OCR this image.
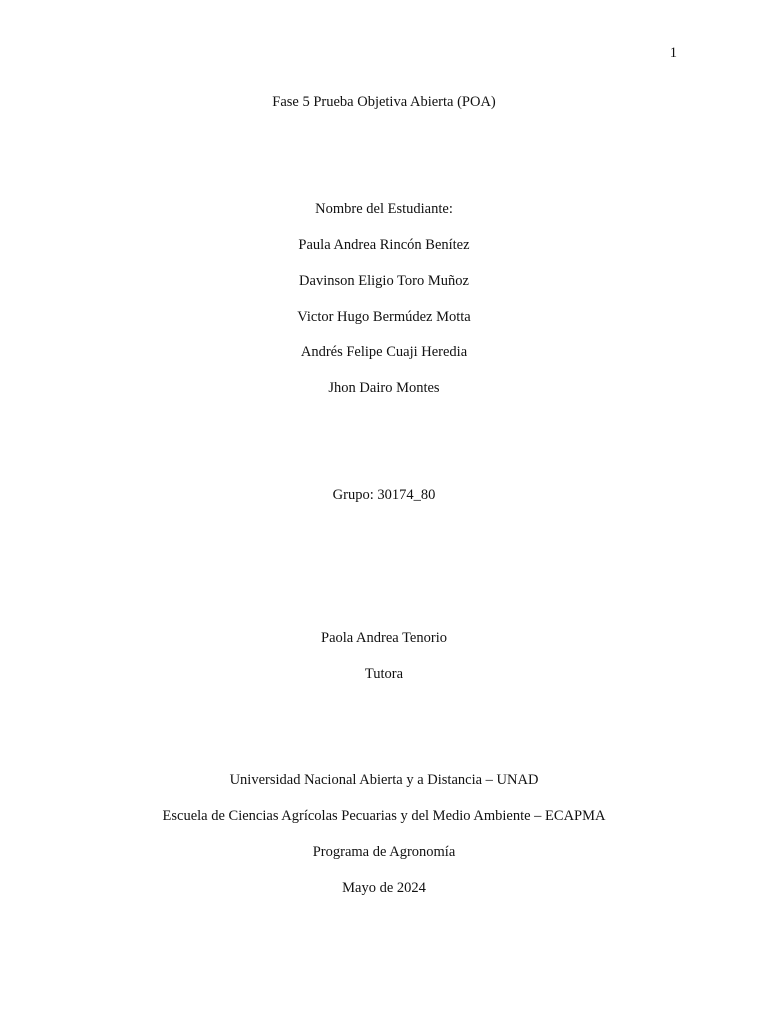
1
Fase 5 Prueba Objetiva Abierta (POA)
Nombre del Estudiante:
Paula Andrea Rincón Benítez
Davinson Eligio Toro Muñoz
Victor Hugo Bermúdez Motta
Andrés Felipe Cuaji Heredia
Jhon Dairo Montes
Grupo: 30174_80
Paola Andrea Tenorio
Tutora
Universidad Nacional Abierta y a Distancia – UNAD
Escuela de Ciencias Agrícolas Pecuarias y del Medio Ambiente – ECAPMA
Programa de Agronomía
Mayo de 2024
